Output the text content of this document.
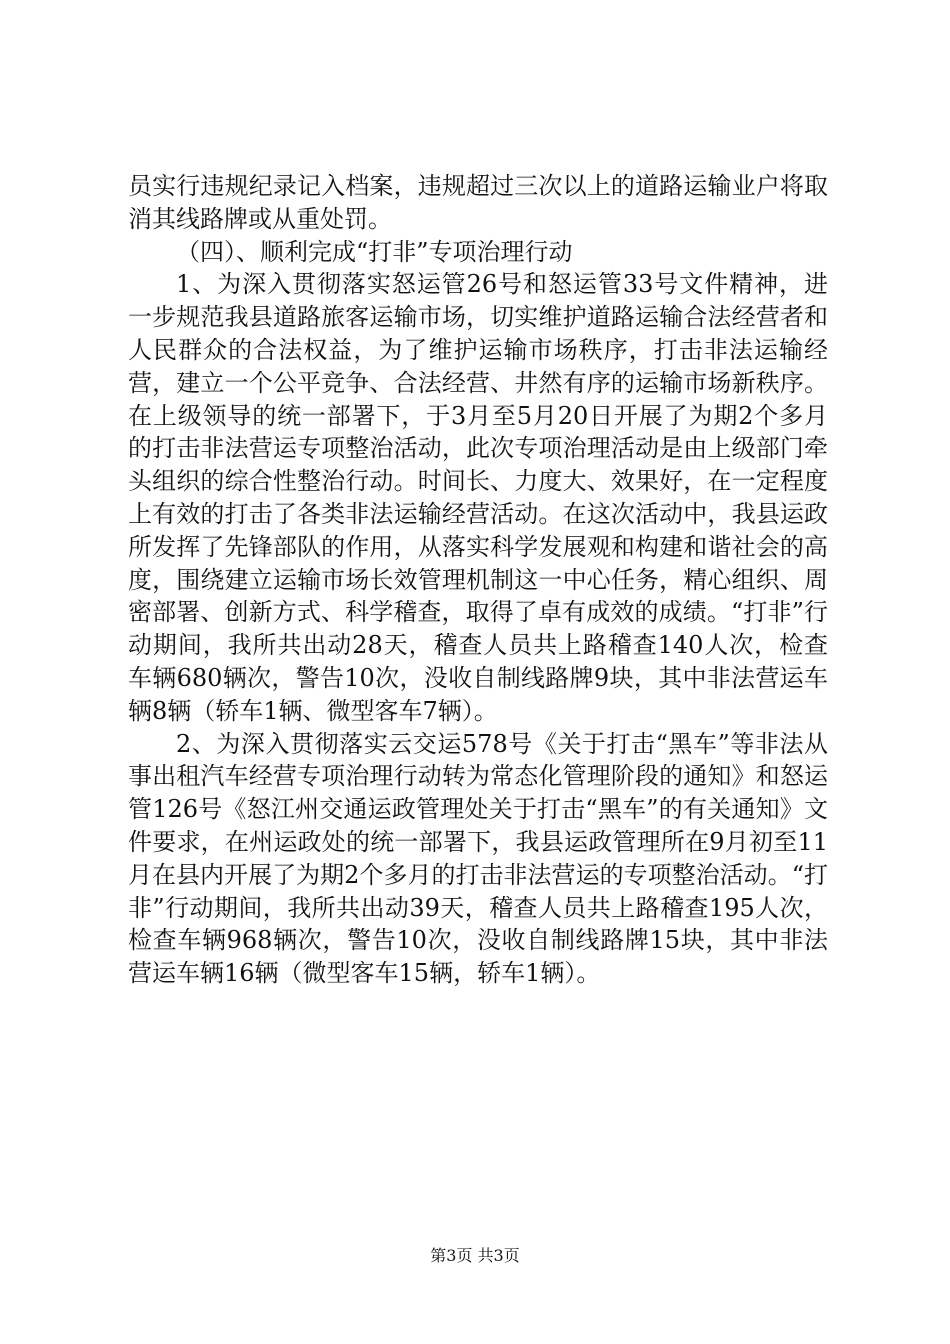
员实行违规纪录记入档案，违规超过三次以上的道路运输业户将取消其线路牌或从重处罚。

（四）、顺利完成“打非”专项治理行动

1、为深入贯彻落实怒运管26号和怒运管33号文件精神，进一步规范我县道路旅客运输市场，切实维护道路运输合法经营者和人民群众的合法权益，为了维护运输市场秩序，打击非法运输经营，建立一个公平竞争、合法经营、井然有序的运输市场新秩序。在上级领导的统一部署下，于3月至5月20日开展了为期2个多月的打击非法营运专项整治活动，此次专项治理活动是由上级部门牵头组织的综合性整治行动。时间长、力度大、效果好，在一定程度上有效的打击了各类非法运输经营活动。在这次活动中，我县运政所发挥了先锋部队的作用，从落实科学发展观和构建和谐社会的高度，围绕建立运输市场长效管理机制这一中心任务，精心组织、周密部署、创新方式、科学稽查，取得了卓有成效的成绩。“打非”行动期间，我所共出动28天，稽查人员共上路稽查140人次，检查车辆680辆次，警告10次，没收自制线路牌9块，其中非法营运车辆8辆（轿车1辆、微型客车7辆）。

2、为深入贯彻落实云交运578号《关于打击“黑车”等非法从事出租汽车经营专项治理行动转为常态化管理阶段的通知》和怒运管126号《怒江州交通运政管理处关于打击“黑车”的有关通知》文件要求，在州运政处的统一部署下，我县运政管理所在9月初至11月在县内开展了为期2个多月的打击非法营运的专项整治活动。“打非”行动期间，我所共出动39天，稽查人员共上路稽查195人次，检查车辆968辆次，警告10次，没收自制线路牌15块，其中非法营运车辆16辆（微型客车15辆，轿车1辆）。

第3页 共3页
